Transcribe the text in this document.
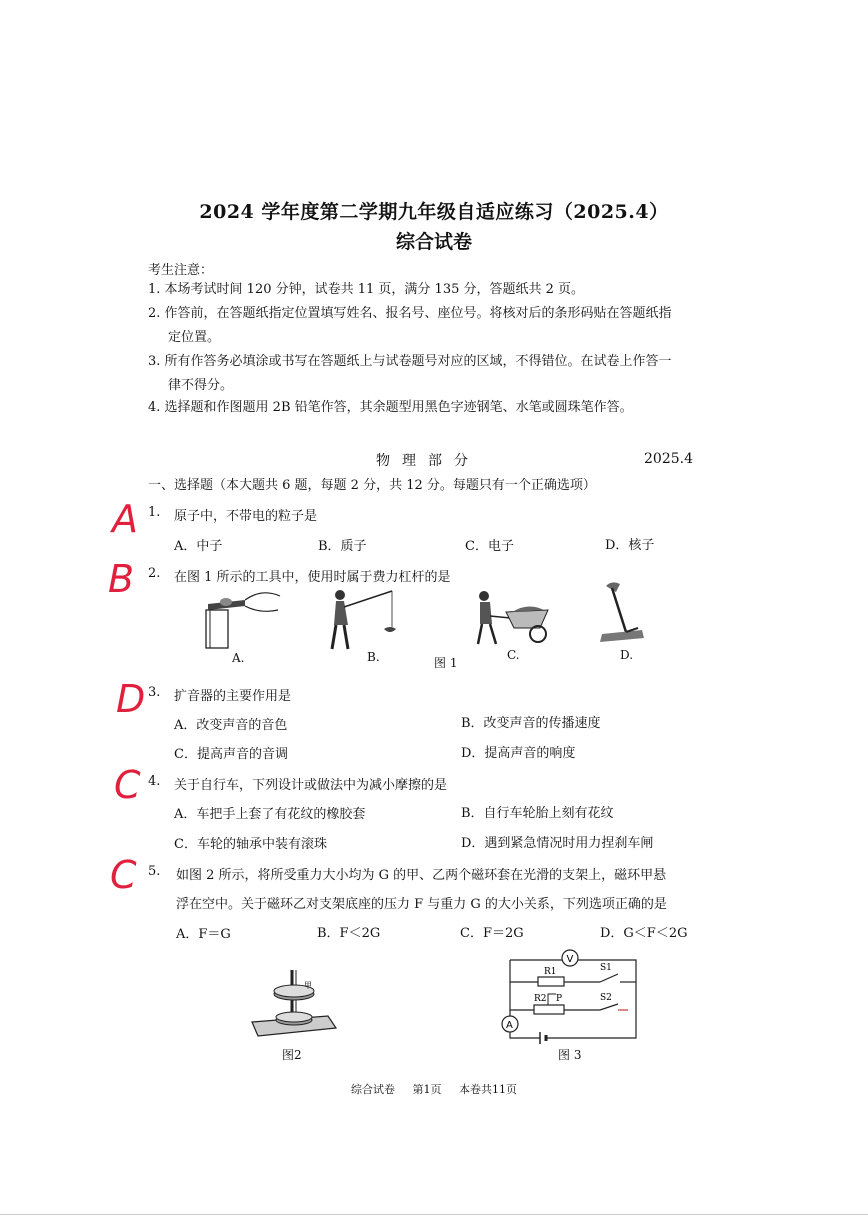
2024 学年度第二学期九年级自适应练习（2025.4）
综合试卷
考生注意：
1. 本场考试时间 120 分钟，试卷共 11 页，满分 135 分，答题纸共 2 页。
2. 作答前，在答题纸指定位置填写姓名、报名号、座位号。将核对后的条形码贴在答题纸指
定位置。
3. 所有作答务必填涂或书写在答题纸上与试卷题号对应的区域，不得错位。在试卷上作答一
律不得分。
4. 选择题和作图题用 2B 铅笔作答，其余题型用黑色字迹钢笔、水笔或圆珠笔作答。
物理部分	2025.4
一、选择题（本大题共 6 题，每题 2 分，共 12 分。每题只有一个正确选项）
A 1. 原子中，不带电的粒子是
A．中子	B．质子	C．电子	D．核子
B 2. 在图 1 所示的工具中，使用时属于费力杠杆的是
A.	B.	图 1
C.	D.
D 3. 扩音器的主要作用是
A．改变声音的音色	B．改变声音的传播速度
C．提高声音的音调	D．提高声音的响度
C 4. 关于自行车，下列设计或做法中为减小摩擦的是
A．车把手上套了有花纹的橡胶套	B．自行车轮胎上刻有花纹
C．车轮的轴承中装有滚珠	D．遇到紧急情况时用力捏刹车闸
C 5. 如图 2 所示，将所受重力大小均为 G 的甲、乙两个磁环套在光滑的支架上，磁环甲悬
浮在空中。关于磁环乙对支架底座的压力 F 与重力 G 的大小关系，下列选项正确的是
A．F＝G	B．F＜2G	C．F＝2G	D．G＜F＜2G
甲
图2
V
R1	S1
R2 P	S2
A
图 3
综合试卷 第1页 本卷共11页
